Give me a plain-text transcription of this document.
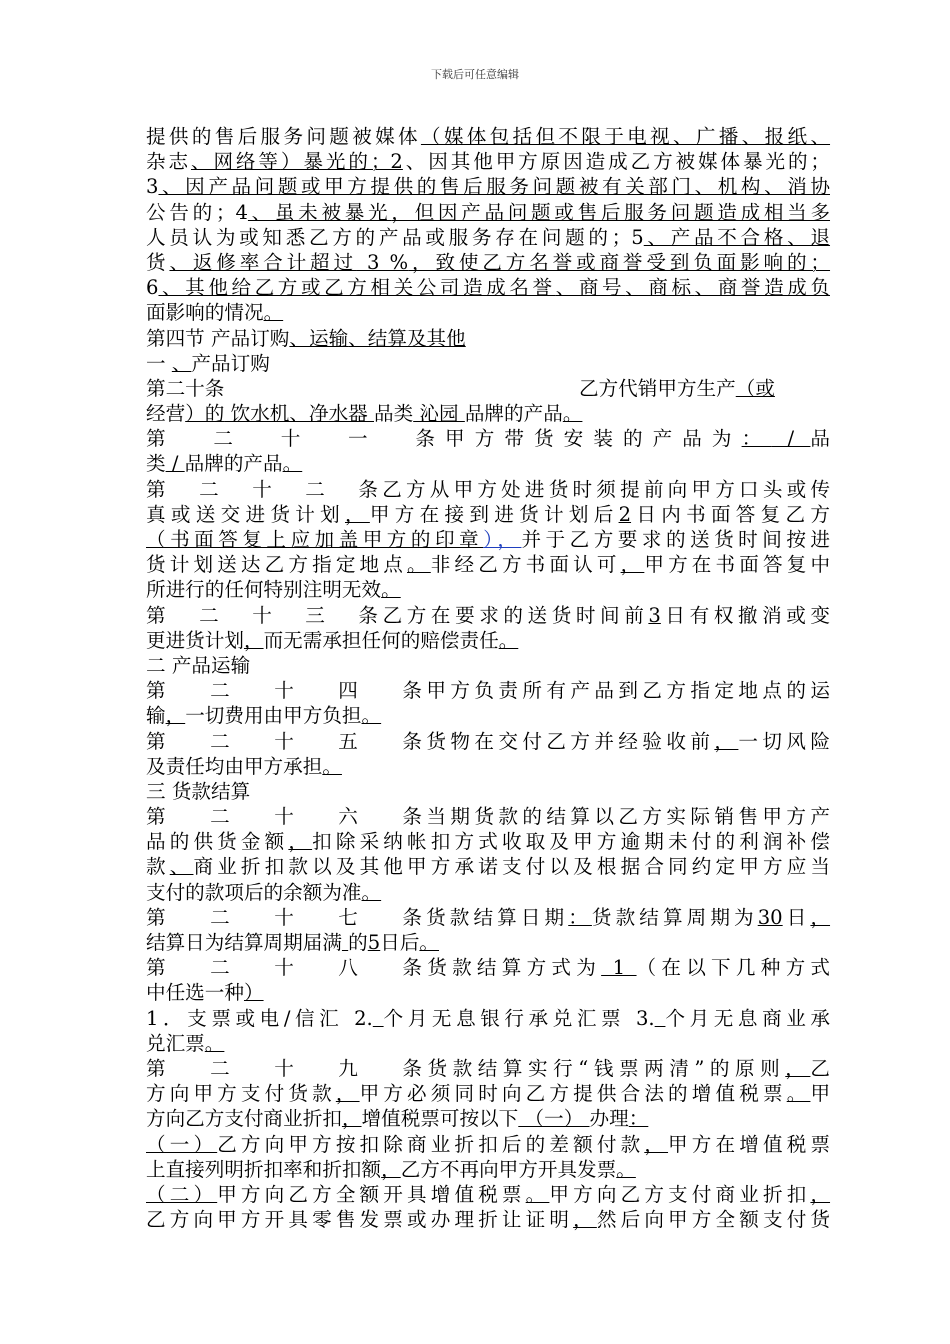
下载后可任意编辑
提供的售后服务问题被媒体（媒体包括但不限于电视、广播、报纸、
杂志、网络等）暴光的；2、因其他甲方原因造成乙方被媒体暴光的；
3、因产品问题或甲方提供的售后服务问题被有关部门、机构、消协
公告的；4、虽未被暴光，但因产品问题或售后服务问题造成相当多
人员认为或知悉乙方的产品或服务存在问题的；5、产品不合格、退
货、返修率合计超过 3 %，致使乙方名誉或商誉受到负面影响的；
6、其他给乙方或乙方相关公司造成名誉、商号、商标、商誉造成负
面影响的情况。
第四节 产品订购、运输、结算及其他
一 、产品订购
第二十条	乙方代销甲方生产（或
经营）的 饮水机、净水器 品类 沁园 品牌的产品。
第二十一条甲方带货安装的产品为： / 品
类 / 品牌的产品。
第二十二条乙方从甲方处进货时须提前向甲方口头或传
真或送交进货计划，甲方在接到进货计划后2日内书面答复乙方
（书面答复上应加盖甲方的印章），并于乙方要求的送货时间按进
货计划送达乙方指定地点。非经乙方书面认可，甲方在书面答复中
所进行的任何特别注明无效。
第二十三条乙方在要求的送货时间前3日有权撤消或变
更进货计划，而无需承担任何的赔偿责任。
二 产品运输
第二十四条甲方负责所有产品到乙方指定地点的运
输，一切费用由甲方负担。
第二十五条货物在交付乙方并经验收前，一切风险
及责任均由甲方承担。
三 货款结算
第二十六条当期货款的结算以乙方实际销售甲方产
品的供货金额，扣除采纳帐扣方式收取及甲方逾期未付的利润补偿
款、商业折扣款以及其他甲方承诺支付以及根据合同约定甲方应当
支付的款项后的余额为准。
第二十七条货款结算日期：货款结算周期为30日，
结算日为结算周期届满 的5日后。
第二十八条货款结算方式为 1 （在以下几种方式
中任选一种）
1．支票或电/信汇 2. 个月无息银行承兑汇票 3. 个月无息商业承
兑汇票。
第二十九条货款结算实行“钱票两清”的原则，乙
方向甲方支付货款，甲方必须同时向乙方提供合法的增值税票。甲
方向乙方支付商业折扣，增值税票可按以下 （一） 办理：
（一）乙方向甲方按扣除商业折扣后的差额付款，甲方在增值税票
上直接列明折扣率和折扣额，乙方不再向甲方开具发票。
（二）甲方向乙方全额开具增值税票。甲方向乙方支付商业折扣，
乙方向甲方开具零售发票或办理折让证明，然后向甲方全额支付货
